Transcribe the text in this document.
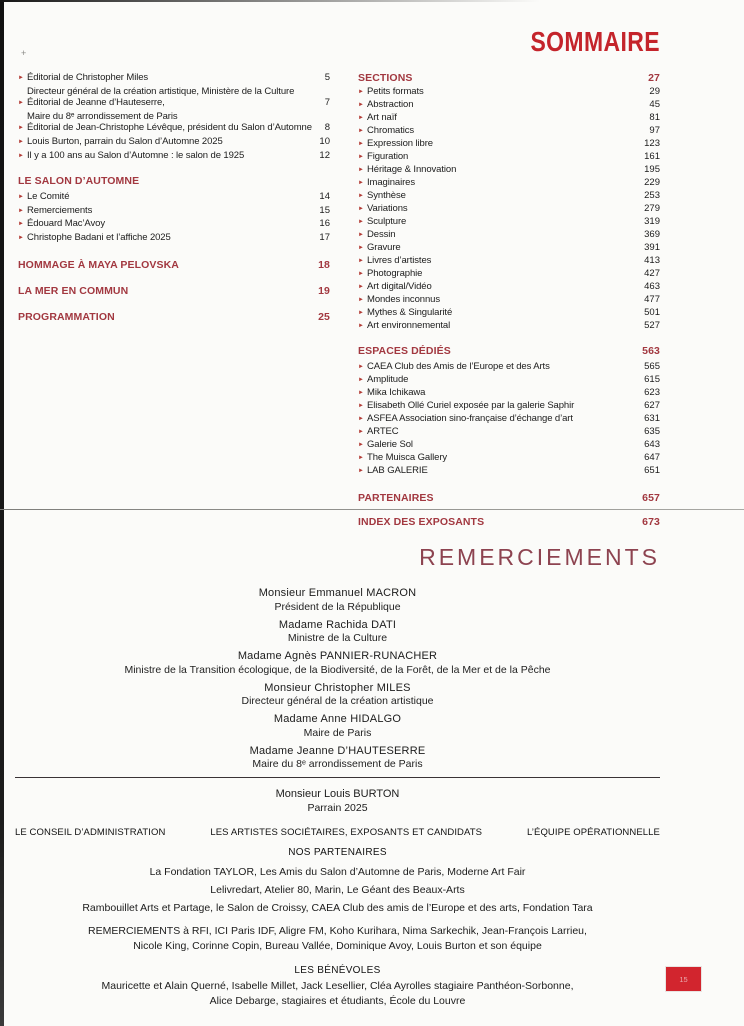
+	SOMMAIRE
►
Éditorial de Christopher Miles	5
Directeur général de la création artistique, Ministère de la Culture
►
Éditorial de Jeanne d’Hauteserre,	7
Maire du 8ᵉ arrondissement de Paris
►
Éditorial de Jean-Christophe Lévêque, président du Salon d’Automne	8
►
Louis Burton, parrain du Salon d’Automne 2025	10
►
Il y a 100 ans au Salon d’Automne : le salon de 1925	12
LE SALON D’AUTOMNE
►
Le Comité	14
►
Remerciements	15
►
Édouard Mac’Avoy	16
►
Christophe Badani et l’affiche 2025	17
HOMMAGE À MAYA PELOVSKA	18
LA MER EN COMMUN	19
PROGRAMMATION	25
SECTIONS	27
►
Petits formats	29
►
Abstraction	45
►
Art naïf	81
►
Chromatics	97
►
Expression libre	123
►
Figuration	161
►
Héritage & Innovation	195
►
Imaginaires	229
►
Synthèse	253
►
Variations	279
►
Sculpture	319
►
Dessin	369
►
Gravure	391
►
Livres d’artistes	413
►
Photographie	427
►
Art digital/Vidéo	463
►
Mondes inconnus	477
►
Mythes & Singularité	501
►
Art environnemental	527
ESPACES DÉDIÉS	563
►
CAEA Club des Amis de l’Europe et des Arts	565
►
Amplitude	615
►
Mika Ichikawa	623
►
Elisabeth Ollé Curiel exposée par la galerie Saphir	627
►
ASFEA Association sino-française d’échange d’art	631
►
ARTEC	635
►
Galerie Sol	643
►
The Muisca Gallery	647
►
LAB GALERIE	651
PARTENAIRES	657
INDEX DES EXPOSANTS	673
REMERCIEMENTS
Monsieur Emmanuel MACRON
Président de la République
Madame Rachida DATI
Ministre de la Culture
Madame Agnès PANNIER-RUNACHER
Ministre de la Transition écologique, de la Biodiversité, de la Forêt, de la Mer et de la Pêche
Monsieur Christopher MILES
Directeur général de la création artistique
Madame Anne HIDALGO
Maire de Paris
Madame Jeanne D’HAUTESERRE
Maire du 8ᵉ arrondissement de Paris
Monsieur Louis BURTON
Parrain 2025
LE CONSEIL D’ADMINISTRATION	LES ARTISTES SOCIÉTAIRES, EXPOSANTS ET CANDIDATS	L’ÉQUIPE OPÉRATIONNELLE
NOS PARTENAIRES
La Fondation TAYLOR, Les Amis du Salon d’Automne de Paris, Moderne Art Fair
Lelivredart, Atelier 80, Marin, Le Géant des Beaux-Arts
Rambouillet Arts et Partage, le Salon de Croissy, CAEA Club des amis de l’Europe et des arts, Fondation Tara
REMERCIEMENTS à RFI, ICI Paris IDF, Aligre FM, Koho Kurihara, Nima Sarkechik, Jean-François Larrieu,
Nicole King, Corinne Copin, Bureau Vallée, Dominique Avoy, Louis Burton et son équipe
LES BÉNÉVOLES
Mauricette et Alain Querné, Isabelle Millet, Jack Lesellier, Cléa Ayrolles stagiaire Panthéon-Sorbonne,
Alice Debarge, stagiaires et étudiants, École du Louvre
15
